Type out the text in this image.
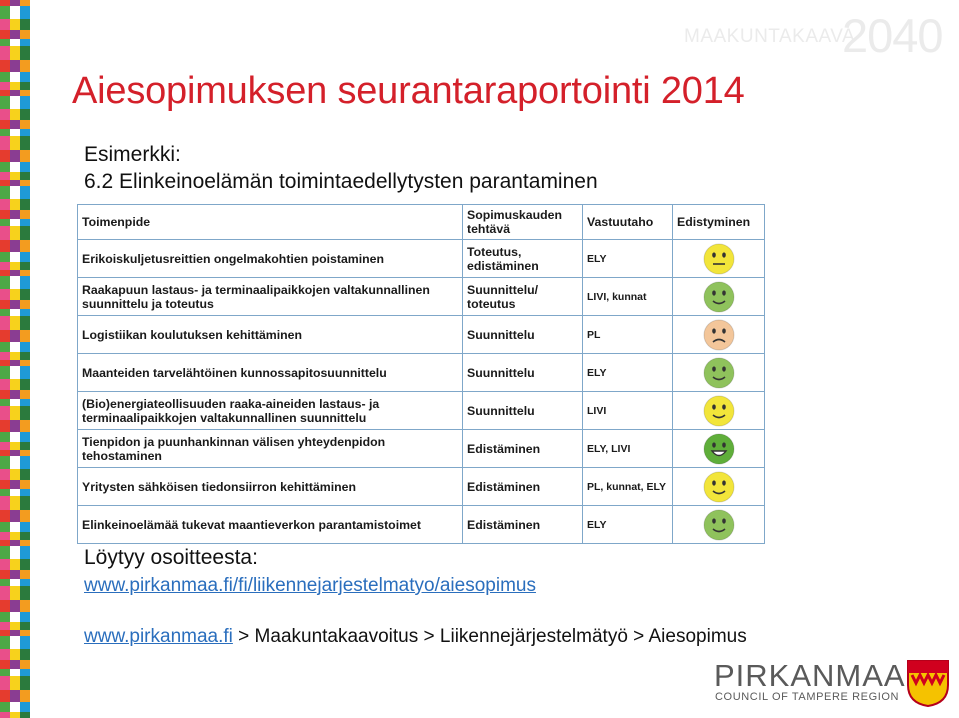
MAAKUNTAKAAVA
2040
Aiesopimuksen seurantaraportointi 2014
Esimerkki:
6.2 Elinkeinoelämän toimintaedellytysten parantaminen
Toimenpide	Sopimuskauden tehtävä	Vastuutaho	Edistyminen
Erikoiskuljetusreittien ongelmakohtien poistaminen	Toteutus, edistäminen	ELY	
Raakapuun lastaus- ja terminaalipaikkojen valtakunnallinen suunnittelu ja toteutus	Suunnittelu/ toteutus	LIVI, kunnat	
Logistiikan koulutuksen kehittäminen	Suunnittelu	PL	
Maanteiden tarvelähtöinen kunnossapitosuunnittelu	Suunnittelu	ELY	
(Bio)energiateollisuuden raaka-aineiden lastaus- ja terminaalipaikkojen valtakunnallinen suunnittelu	Suunnittelu	LIVI	
Tienpidon ja puunhankinnan välisen yhteydenpidon tehostaminen	Edistäminen	ELY, LIVI	
Yritysten sähköisen tiedonsiirron kehittäminen	Edistäminen	PL, kunnat, ELY	
Elinkeinoelämää tukevat maantieverkon parantamistoimet	Edistäminen	ELY	
Löytyy osoitteesta:
www.pirkanmaa.fi/fi/liikennejarjestelmatyo/aiesopimus
www.pirkanmaa.fi > Maakuntakaavoitus > Liikennejärjestelmätyö > Aiesopimus
PIRKANMAA
COUNCIL OF TAMPERE REGION
